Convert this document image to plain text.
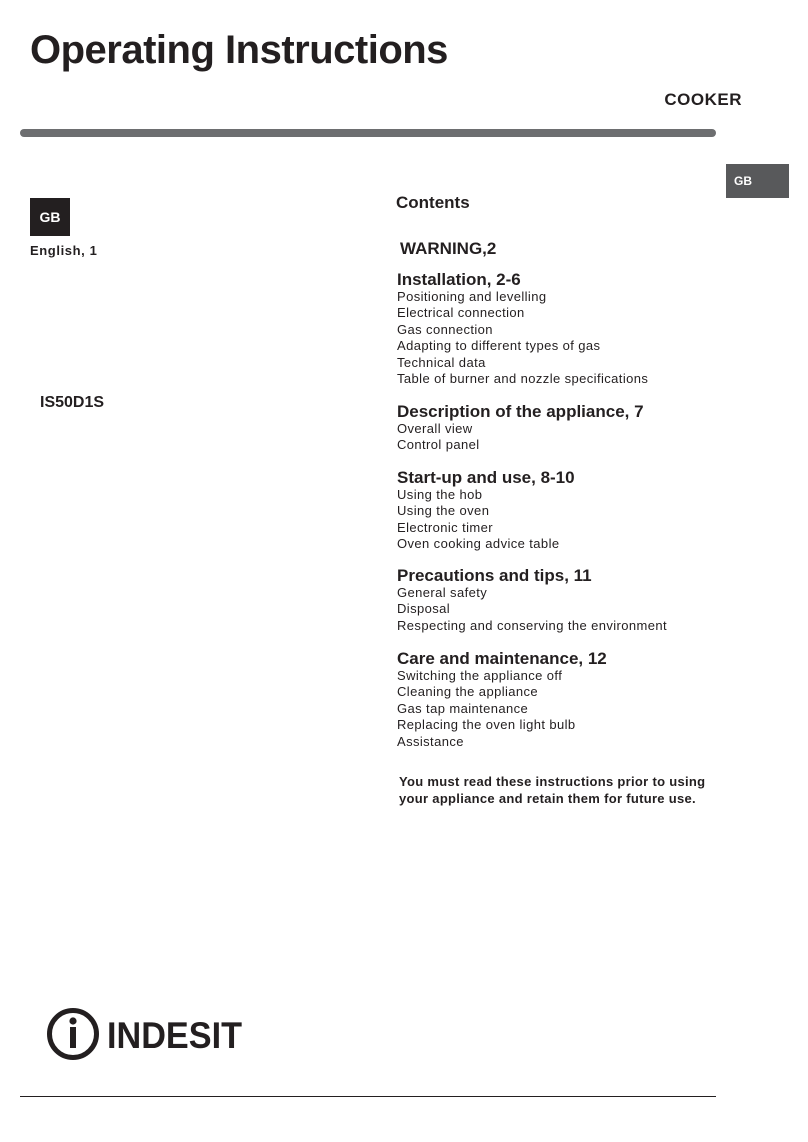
Operating Instructions
COOKER
GB
GB
English, 1
IS50D1S
Contents
WARNING,2
Installation, 2-6
Positioning and levelling
Electrical connection
Gas connection
Adapting to different types of gas
Technical data
Table of burner and nozzle specifications
Description of the appliance, 7
Overall view
Control panel
Start-up and use, 8-10
Using the hob
Using the oven
Electronic timer
Oven cooking advice table
Precautions and tips, 11
General safety
Disposal
Respecting and conserving the environment
Care and maintenance, 12
Switching the appliance off
Cleaning the appliance
Gas tap maintenance
Replacing the oven light bulb
Assistance
You must read these instructions prior to using
your appliance and retain them for future use.
INDESIT
